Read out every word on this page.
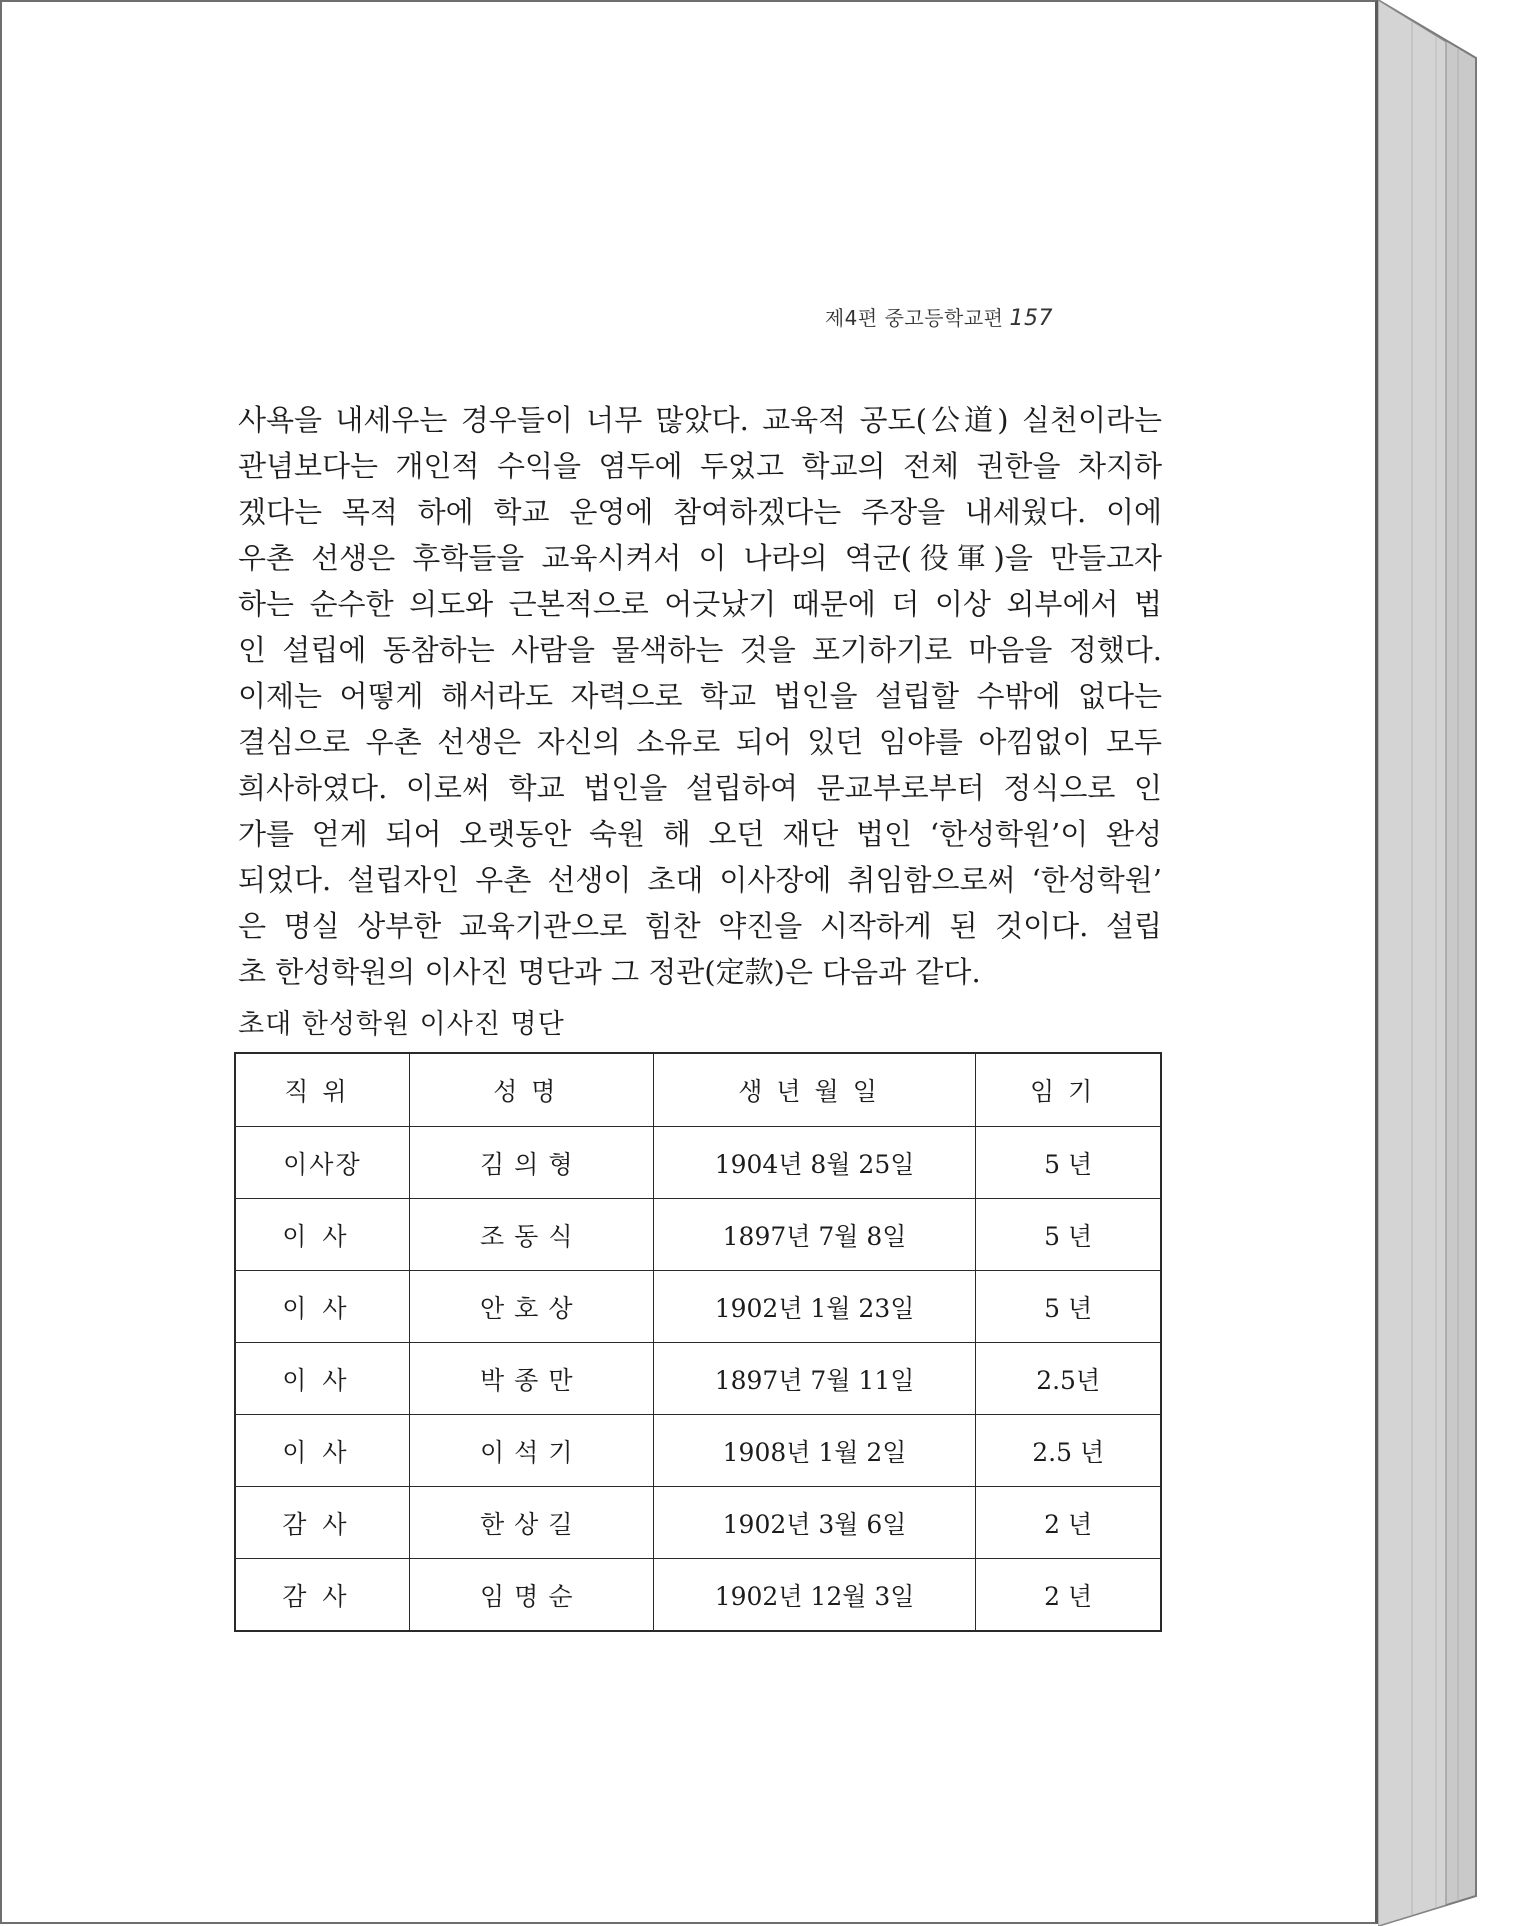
제4편 중고등학교편 157
사욕을 내세우는 경우들이 너무 많았다. 교육적 공도(公道) 실천이라는
관념보다는 개인적 수익을 염두에 두었고 학교의 전체 권한을 차지하
겠다는 목적 하에 학교 운영에 참여하겠다는 주장을 내세웠다. 이에
우촌 선생은 후학들을 교육시켜서 이 나라의 역군(役軍)을 만들고자
하는 순수한 의도와 근본적으로 어긋났기 때문에 더 이상 외부에서 법
인 설립에 동참하는 사람을 물색하는 것을 포기하기로 마음을 정했다.
이제는 어떻게 해서라도 자력으로 학교 법인을 설립할 수밖에 없다는
결심으로 우촌 선생은 자신의 소유로 되어 있던 임야를 아낌없이 모두
희사하였다. 이로써 학교 법인을 설립하여 문교부로부터 정식으로 인
가를 얻게 되어 오랫동안 숙원 해 오던 재단 법인 ‘한성학원’이 완성
되었다. 설립자인 우촌 선생이 초대 이사장에 취임함으로써 ‘한성학원’
은 명실 상부한 교육기관으로 힘찬 약진을 시작하게 된 것이다. 설립
초 한성학원의 이사진 명단과 그 정관(定款)은 다음과 같다.
초대 한성학원 이사진 명단
직위	성명	생년월일	임기
이사장	김의형	1904년 8월 25일	5 년
이사	조동식	1897년 7월 8일	5 년
이사	안호상	1902년 1월 23일	5 년
이사	박종만	1897년 7월 11일	2.5년
이사	이석기	1908년 1월 2일	2.5 년
감사	한상길	1902년 3월 6일	2 년
감사	임명순	1902년 12월 3일	2 년
